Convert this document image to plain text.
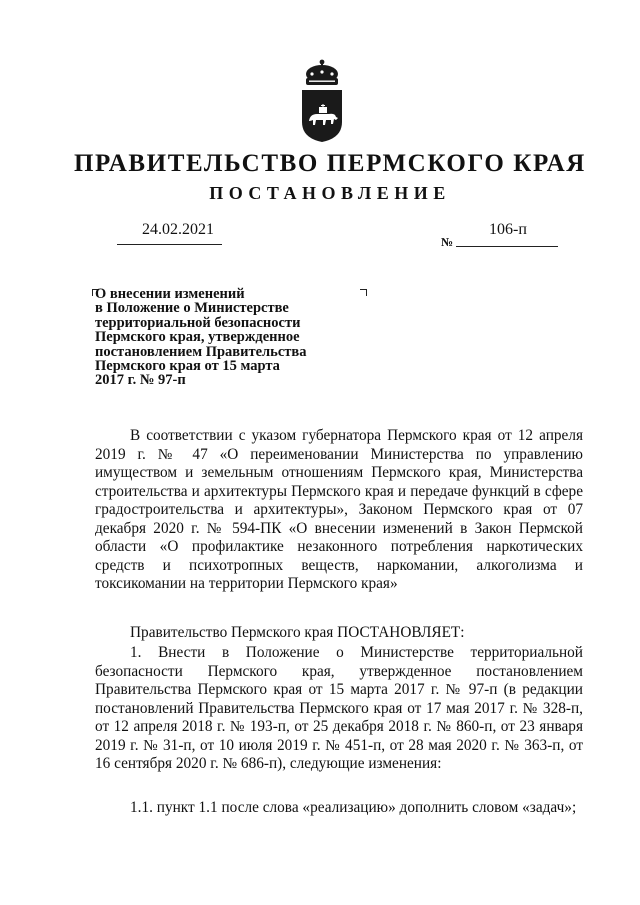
ПРАВИТЕЛЬСТВО ПЕРМСКОГО КРАЯ
ПОСТАНОВЛЕНИЕ
24.02.2021
№
106-п
О внесении изменений
в Положение о Министерстве
территориальной безопасности
Пермского края, утвержденное
постановлением Правительства
Пермского края от 15 марта
2017 г. № 97-п

В соответствии с указом губернатора Пермского края от 12 апреля 2019 г. № 47 «О переименовании Министерства по управлению имуществом и земельным отношениям Пермского края, Министерства строительства и архитектуры Пермского края и передаче функций в сфере градостроительства и архитектуры», Законом Пермского края от 07 декабря 2020 г. № 594-ПК «О внесении изменений в Закон Пермской области «О профилактике незаконного потребления наркотических средств и психотропных веществ, наркомании, алкоголизма и токсикомании на территории Пермского края»

Правительство Пермского края ПОСТАНОВЛЯЕТ:

1. Внести в Положение о Министерстве территориальной безопасности Пермского края, утвержденное постановлением Правительства Пермского края от 15 марта 2017 г. № 97-п (в редакции постановлений Правительства Пермского края от 17 мая 2017 г. № 328-п, от 12 апреля 2018 г. № 193-п, от 25 декабря 2018 г. № 860-п, от 23 января 2019 г. № 31-п, от 10 июля 2019 г. № 451-п, от 28 мая 2020 г. № 363-п, от 16 сентября 2020 г. № 686-п), следующие изменения:

1.1. пункт 1.1 после слова «реализацию» дополнить словом «задач»;
